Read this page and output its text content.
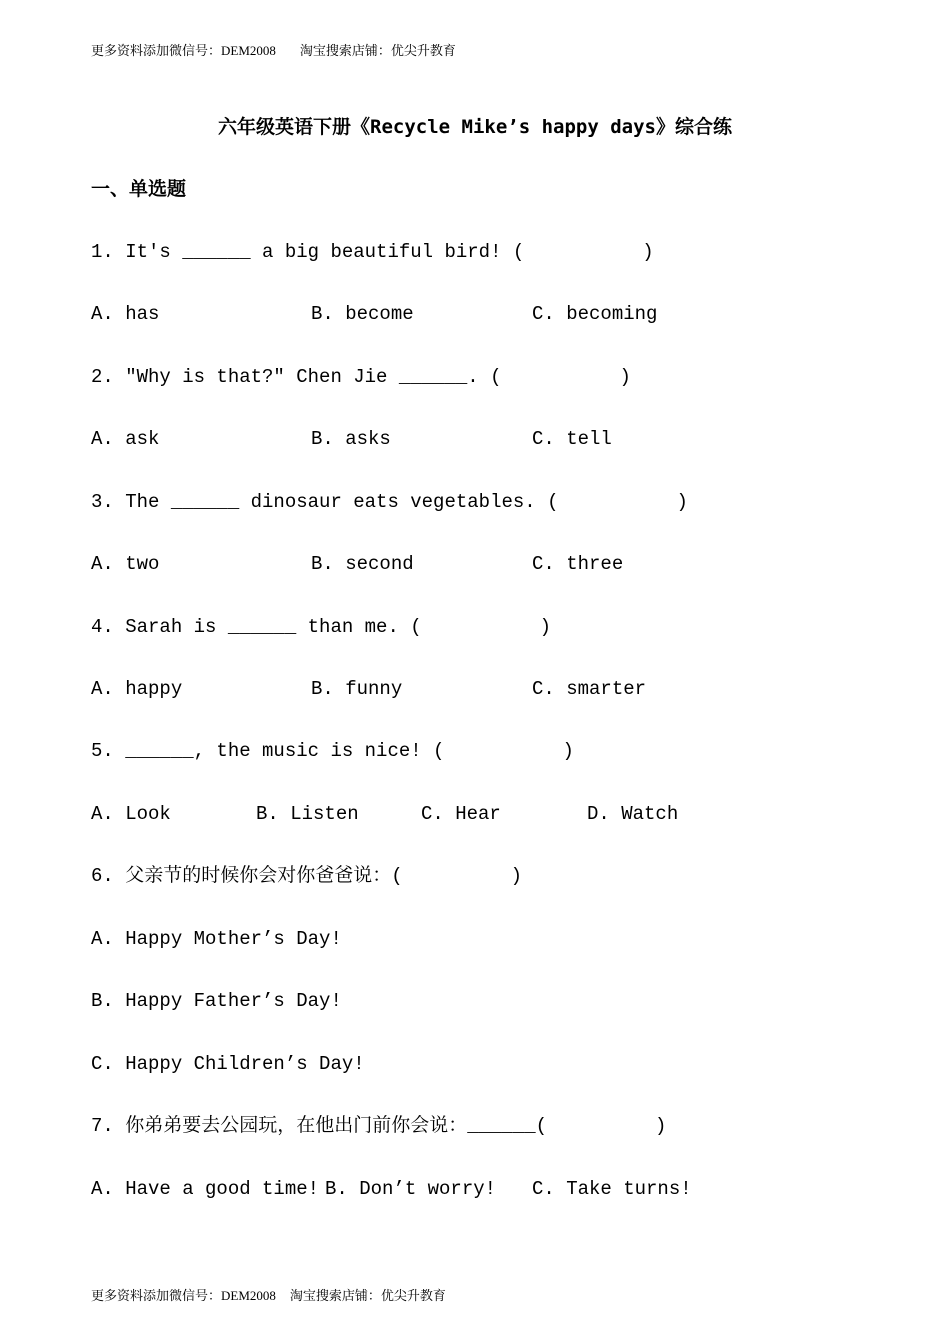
更多资料添加微信号：DEM2008 淘宝搜索店铺：优尖升教育
六年级英语下册《Recycle Mike’s happy days》综合练
一、单选题
1. It's ______ a big beautiful bird! (	)
A. has	B. become	C. becoming
2. "Why is that?" Chen Jie ______. (	)
A. ask	B. asks	C. tell
3. The ______ dinosaur eats vegetables. (	)
A. two	B. second	C. three
4. Sarah is ______ than me. (	)
A. happy	B. funny	C. smarter
5. ______, the music is nice! (	)
A. Look	B. Listen	C. Hear	D. Watch
6. 父亲节的时候你会对你爸爸说：(	)
A. Happy Mother’s Day!
B. Happy Father’s Day!
C. Happy Children’s Day!
7. 你弟弟要去公园玩，在他出门前你会说：______(	)
A. Have a good time! B. Don’t worry! C. Take turns!
更多资料添加微信号：DEM2008 淘宝搜索店铺：优尖升教育
